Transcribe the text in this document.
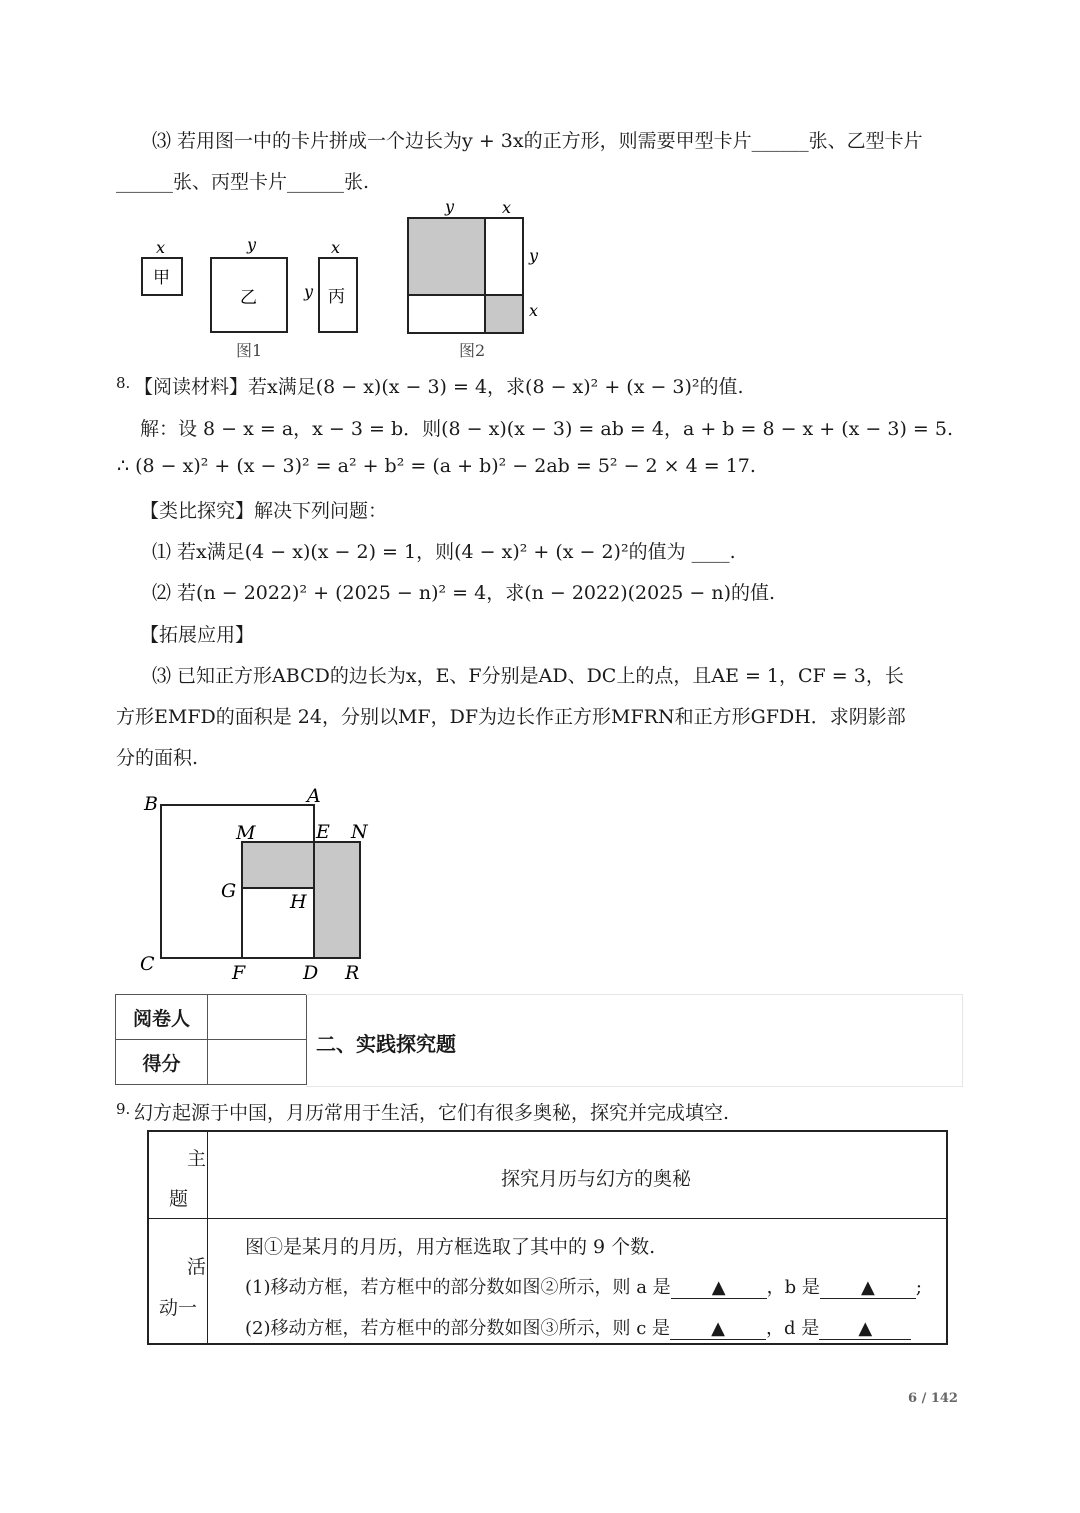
⑶ 若用图一中的卡片拼成一个边长为y + 3x的正方形，则需要甲型卡片______张、乙型卡片
______张、丙型卡片______张.
x	y	x
y
甲
乙	丙
图1
y	x
y
x
图2
8. 【阅读材料】若x满足(8 − x)(x − 3) = 4，求(8 − x)² + (x − 3)²的值.
解：设 8 − x = a，x − 3 = b．则(8 − x)(x − 3) = ab = 4，a + b = 8 − x + (x − 3) = 5.
∴ (8 − x)² + (x − 3)² = a² + b² = (a + b)² − 2ab = 5² − 2 × 4 = 17.
【类比探究】解决下列问题：
⑴ 若x满足(4 − x)(x − 2) = 1，则(4 − x)² + (x − 2)²的值为 ____.
⑵ 若(n − 2022)² + (2025 − n)² = 4，求(n − 2022)(2025 − n)的值.
【拓展应用】
⑶ 已知正方形ABCD的边长为x，E、F分别是AD、DC上的点，且AE = 1，CF = 3，长
方形EMFD的面积是 24，分别以MF，DF为边长作正方形MFRN和正方形GFDH．求阴影部
分的面积.
B	A
M	E N
G	H
C	F	D R
阅卷人	
得分	
二、实践探究题
9. 幻方起源于中国，月历常用于生活，它们有很多奥秘，探究并完成填空.
主
题
探究月历与幻方的奥秘
活
动一
图①是某月的月历，用方框选取了其中的 9 个数.
(1)移动方框，若方框中的部分数如图②所示，则 a 是 ▲ ，b 是 ▲ ;
(2)移动方框，若方框中的部分数如图③所示，则 c 是 ▲ ，d 是 ▲
6 / 142
